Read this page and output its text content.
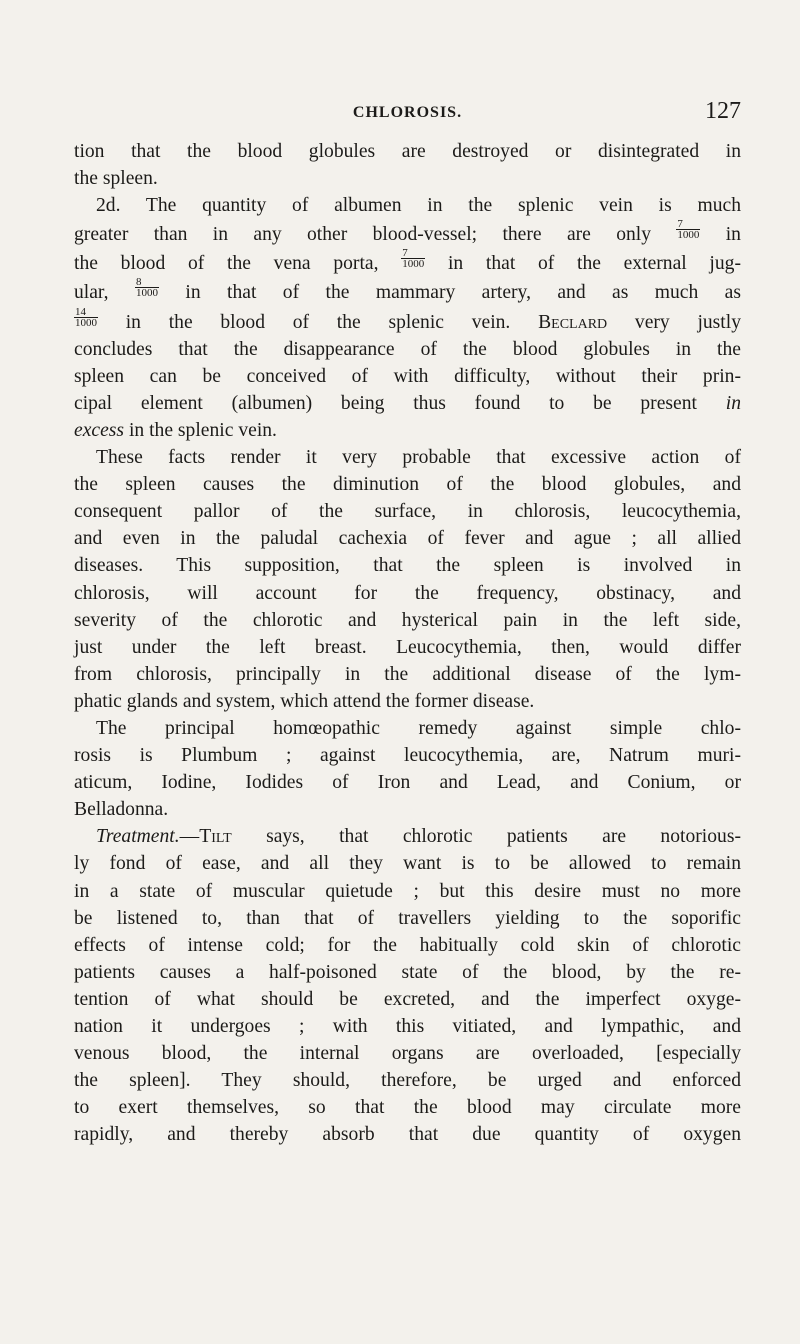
CHLOROSIS.	127

tion that the blood globules are destroyed or disintegrated in
the spleen.

2d. The quantity of albumen in the splenic vein is much
greater than in any other blood-vessel; there are only $\frac{7}{1000}$ in
the blood of the vena porta, $\frac{7}{1000}$ in that of the external jug-
ular, $\frac{8}{1000}$ in that of the mammary artery, and as much as
$\frac{14}{1000}$ in the blood of the splenic vein. Beclard very justly
concludes that the disappearance of the blood globules in the
spleen can be conceived of with difficulty, without their prin-
cipal element (albumen) being thus found to be present in
excess in the splenic vein.

These facts render it very probable that excessive action of
the spleen causes the diminution of the blood globules, and
consequent pallor of the surface, in chlorosis, leucocythemia,
and even in the paludal cachexia of fever and ague ; all allied
diseases. This supposition, that the spleen is involved in
chlorosis, will account for the frequency, obstinacy, and
severity of the chlorotic and hysterical pain in the left side,
just under the left breast. Leucocythemia, then, would differ
from chlorosis, principally in the additional disease of the lym-
phatic glands and system, which attend the former disease.

The principal homœopathic remedy against simple chlo-
rosis is Plumbum ; against leucocythemia, are, Natrum muri-
aticum, Iodine, Iodides of Iron and Lead, and Conium, or
Belladonna.

Treatment.—Tilt says, that chlorotic patients are notorious-
ly fond of ease, and all they want is to be allowed to remain
in a state of muscular quietude ; but this desire must no more
be listened to, than that of travellers yielding to the soporific
effects of intense cold; for the habitually cold skin of chlorotic
patients causes a half-poisoned state of the blood, by the re-
tention of what should be excreted, and the imperfect oxyge-
nation it undergoes ; with this vitiated, and lympathic, and
venous blood, the internal organs are overloaded, [especially
the spleen]. They should, therefore, be urged and enforced
to exert themselves, so that the blood may circulate more
rapidly, and thereby absorb that due quantity of oxygen
